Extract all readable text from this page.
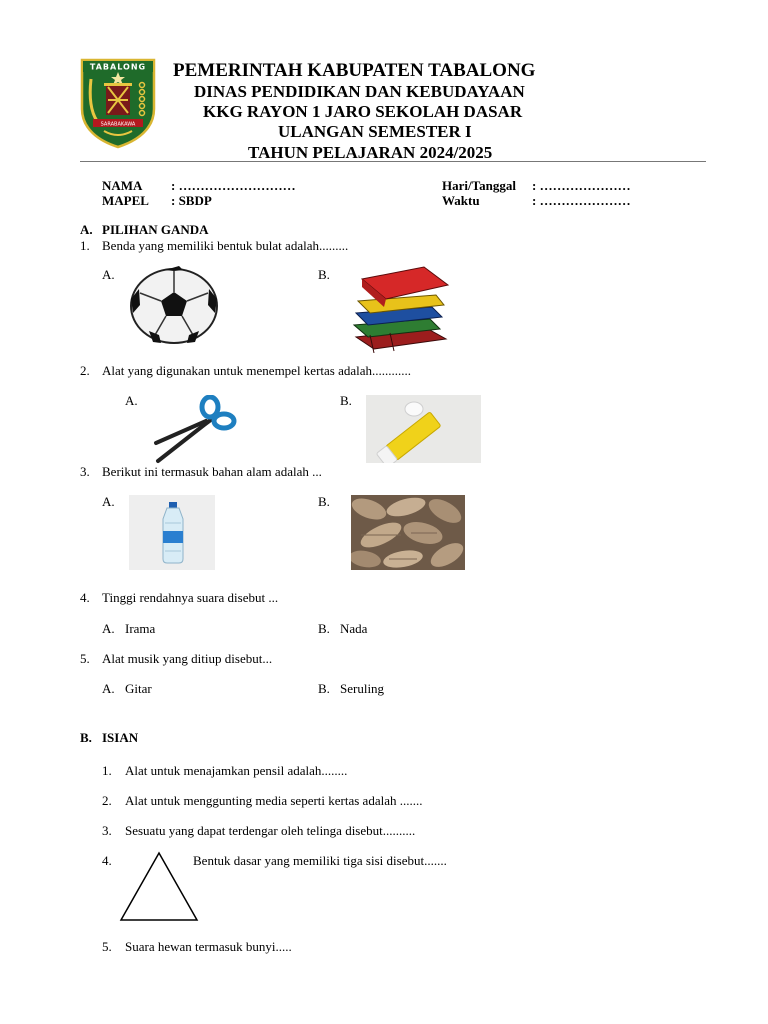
TABALONG
SARABAKAWA
PEMERINTAH KABUPATEN TABALONG
DINAS PENDIDIKAN DAN KEBUDAYAAN
KKG RAYON 1 JARO SEKOLAH DASAR
ULANGAN SEMESTER I
TAHUN PELAJARAN 2024/2025
NAMA : ………………………
MAPEL : SBDP
Hari/Tanggal : …………………
Waktu	: …………………
A. PILIHAN GANDA
1. Benda yang memiliki bentuk bulat adalah.........
A.	B.
2. Alat yang digunakan untuk menempel kertas adalah............
A.	B.
3. Berikut ini termasuk bahan alam adalah ...
A.	B.
4. Tinggi rendahnya suara disebut ...
A. Irama	B. Nada
5. Alat musik yang ditiup disebut...
A. Gitar	B. Seruling
B. ISIAN
1. Alat untuk menajamkan pensil adalah........
2. Alat untuk menggunting media seperti kertas adalah .......
3. Sesuatu yang dapat terdengar oleh telinga disebut..........
4.	Bentuk dasar yang memiliki tiga sisi disebut.......
5. Suara hewan termasuk bunyi.....
